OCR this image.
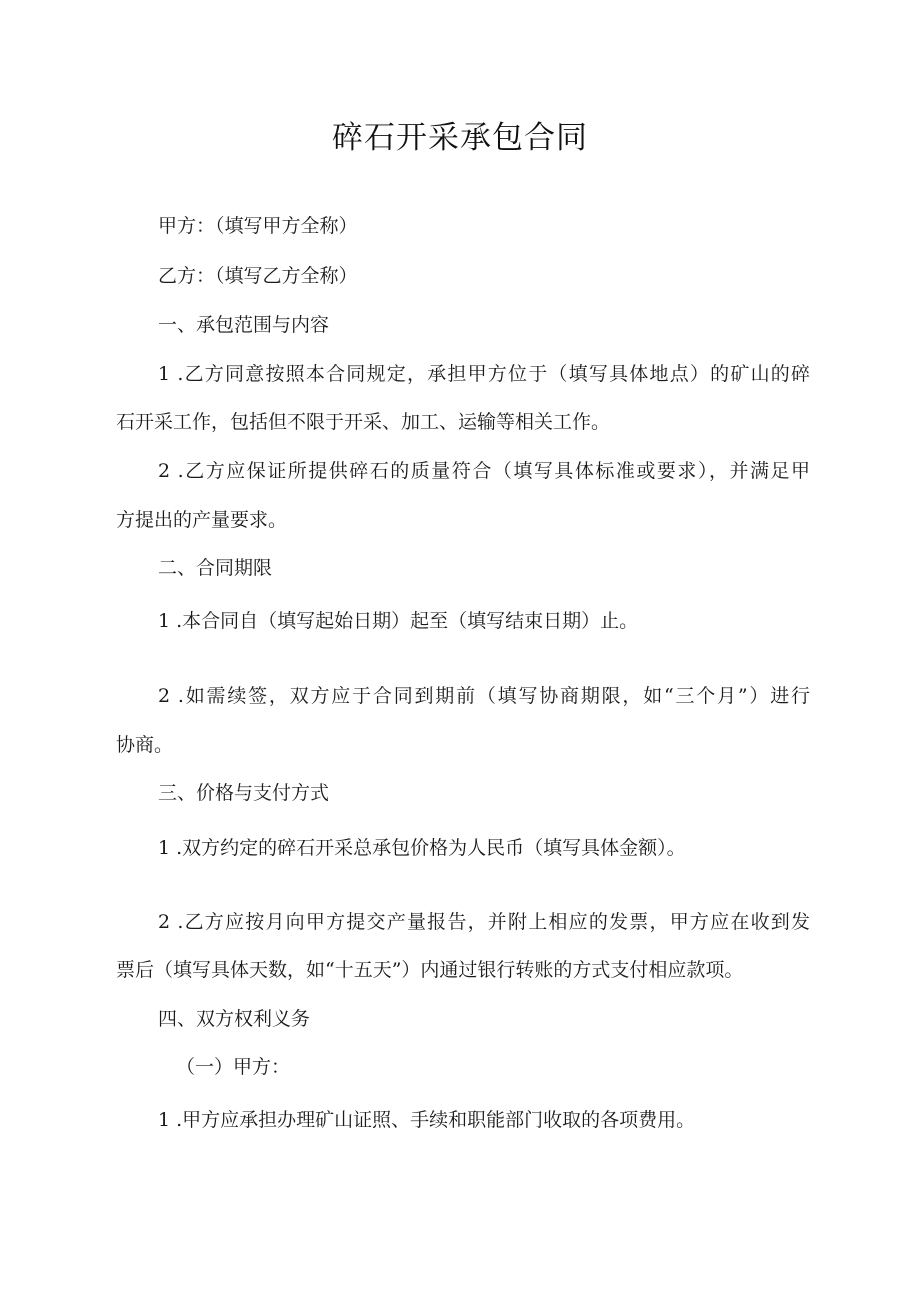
碎石开采承包合同
甲方：（填写甲方全称）
乙方：（填写乙方全称）
一、承包范围与内容
1 .乙方同意按照本合同规定，承担甲方位于（填写具体地点）的矿山的碎
石开采工作，包括但不限于开采、加工、运输等相关工作。
2 .乙方应保证所提供碎石的质量符合（填写具体标准或要求），并满足甲
方提出的产量要求。
二、合同期限
1 .本合同自（填写起始日期）起至（填写结束日期）止。
2 .如需续签，双方应于合同到期前（填写协商期限，如“三个月”）进行
协商。
三、价格与支付方式
1 .双方约定的碎石开采总承包价格为人民币（填写具体金额）。
2 .乙方应按月向甲方提交产量报告，并附上相应的发票，甲方应在收到发
票后（填写具体天数，如“十五天”）内通过银行转账的方式支付相应款项。
四、双方权利义务
（一）甲方：
1 .甲方应承担办理矿山证照、手续和职能部门收取的各项费用。
